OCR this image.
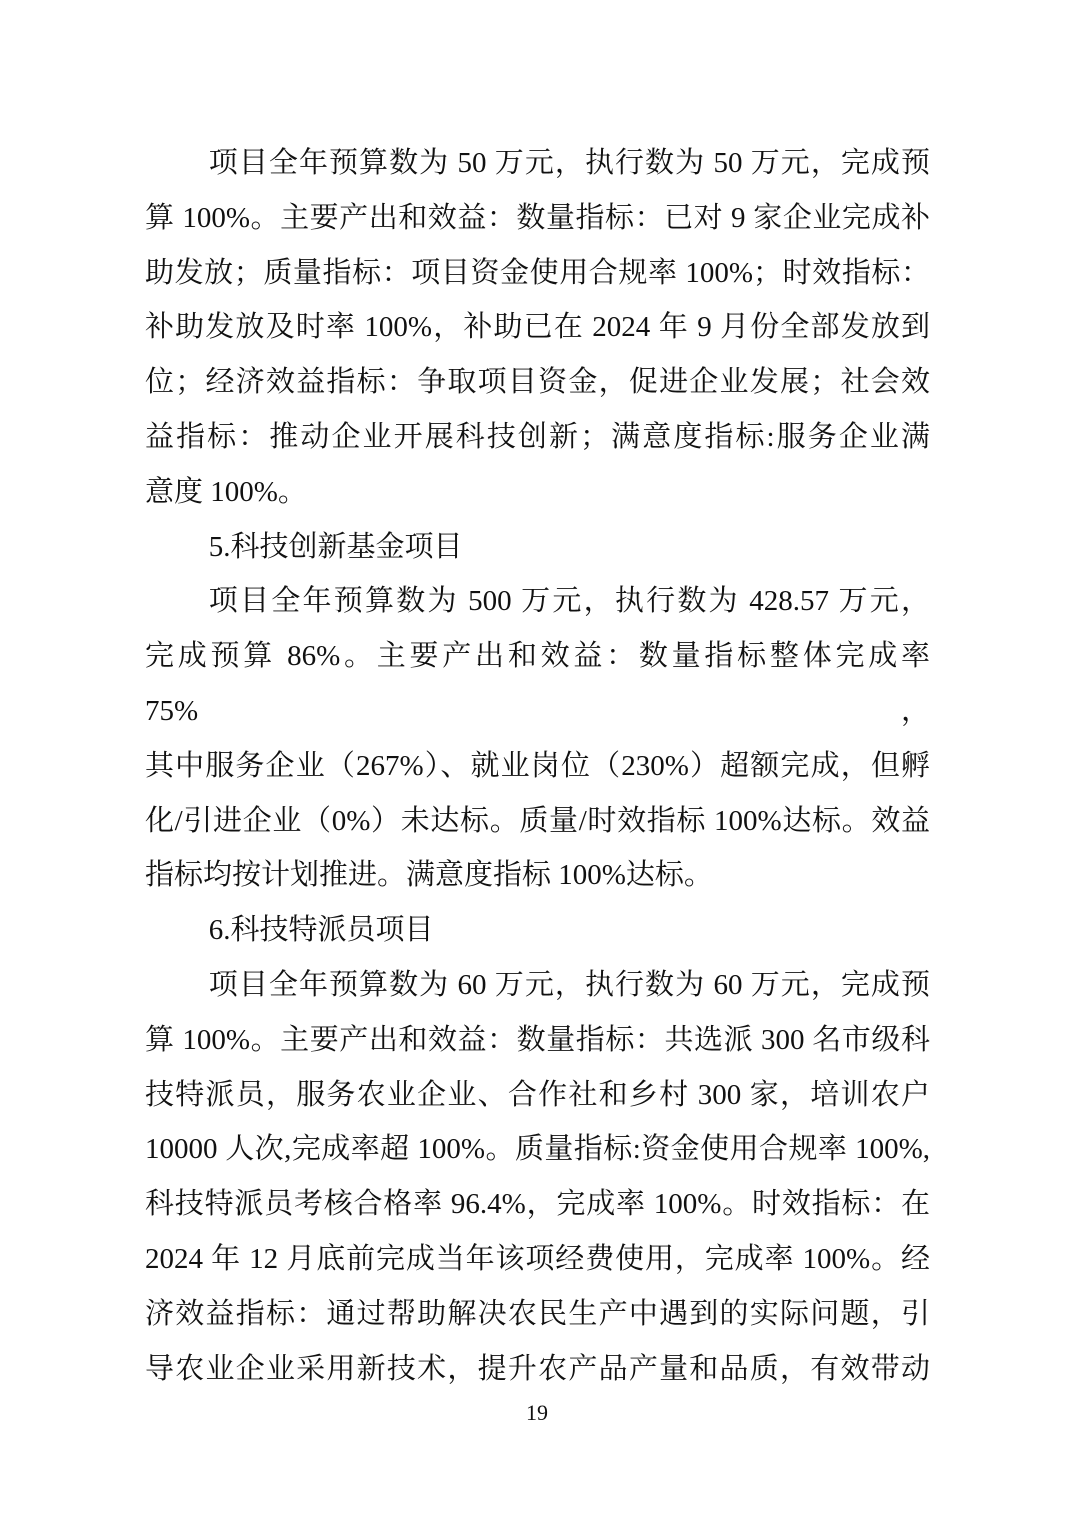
项目全年预算数为 50 万元，执行数为 50 万元，完成预
算 100%。主要产出和效益：数量指标：已对 9 家企业完成补
助发放；质量指标：项目资金使用合规率 100%；时效指标：
补助发放及时率 100%，补助已在 2024 年 9 月份全部发放到
位；经济效益指标：争取项目资金，促进企业发展；社会效
益指标：推动企业开展科技创新；满意度指标:服务企业满
意度 100%。
5.科技创新基金项目
项目全年预算数为 500 万元，执行数为 428.57 万元，
完成预算 86%。主要产出和效益：数量指标整体完成率 75%，
其中服务企业（267%）、就业岗位（230%）超额完成，但孵
化/引进企业（0%）未达标。质量/时效指标 100%达标。效益
指标均按计划推进。满意度指标 100%达标。
6.科技特派员项目
项目全年预算数为 60 万元，执行数为 60 万元，完成预
算 100%。主要产出和效益：数量指标：共选派 300 名市级科
技特派员，服务农业企业、合作社和乡村 300 家，培训农户
10000 人次,完成率超 100%。质量指标:资金使用合规率 100%,
科技特派员考核合格率 96.4%，完成率 100%。时效指标：在
2024 年 12 月底前完成当年该项经费使用，完成率 100%。经
济效益指标：通过帮助解决农民生产中遇到的实际问题，引
导农业企业采用新技术，提升农产品产量和品质，有效带动
19
